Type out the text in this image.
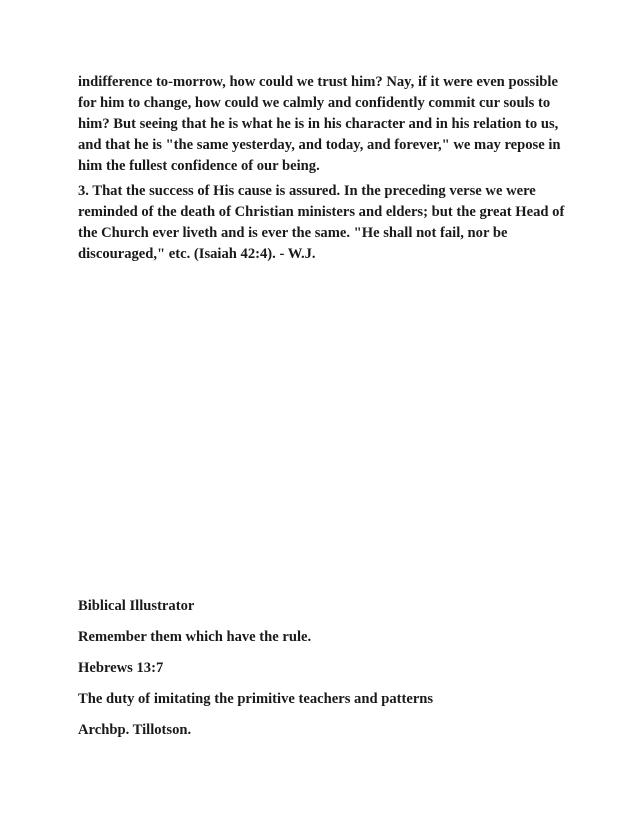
indifference to-morrow, how could we trust him? Nay, if it were even possible
for him to change, how could we calmly and confidently commit cur souls to
him? But seeing that he is what he is in his character and in his relation to us,
and that he is "the same yesterday, and today, and forever," we may repose in
him the fullest confidence of our being.

3. That the success of His cause is assured. In the preceding verse we were
reminded of the death of Christian ministers and elders; but the great Head of
the Church ever liveth and is ever the same. "He shall not fail, nor be
discouraged," etc. (Isaiah 42:4). - W.J.

Biblical Illustrator

Remember them which have the rule.

Hebrews 13:7

The duty of imitating the primitive teachers and patterns

Archbp. Tillotson.
